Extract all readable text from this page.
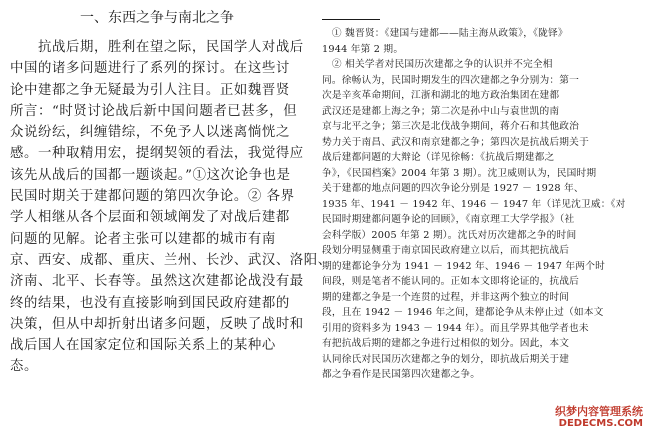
一、东西之争与南北之争
　　抗战后期，胜利在望之际，民国学人对战后
中国的诸多问题进行了系列的探讨。在这些讨
论中建都之争无疑最为引人注目。正如魏晋贤
所言：“时贤讨论战后新中国问题者已甚多，但
众说纷纭，纠缠错综，不免予人以迷离惝恍之
感。一种取精用宏，提纲契领的看法，我觉得应
该先从战后的国都一题谈起。”①这次论争也是
民国时期关于建都问题的第四次争论。② 各界
学人相继从各个层面和领域阐发了对战后建都
问题的见解。论者主张可以建都的城市有南
京、西安、成都、重庆、兰州、长沙、武汉、洛阳、
济南、北平、长春等。虽然这次建都论战没有最
终的结果，也没有直接影响到国民政府建都的
决策，但从中却折射出诸多问题，反映了战时和
战后国人在国家定位和国际关系上的某种心
态。
　① 魏晋贤：《建国与建都——陆主海从政策》，《陇铎》
1944 年第 2 期。
　② 相关学者对民国历次建都之争的认识并不完全相
同。徐畅认为，民国时期发生的四次建都之争分别为：第一
次是辛亥革命期间，江浙和湖北的地方政治集团在建都
武汉还是建都上海之争；第二次是孙中山与袁世凯的南
京与北平之争；第三次是北伐战争期间，蒋介石和其他政治
势力关于南昌、武汉和南京建都之争；第四次是抗战后期关于
战后建都问题的大辩论（详见徐畅：《抗战后期建都之
争》，《民国档案》2004 年第 3 期）。沈卫威则认为，民国时期
关于建都的地点问题的四次争论分别是 1927 － 1928 年、
1935 年、1941 － 1942 年、1946 － 1947 年（详见沈卫威：《对
民国时期建都问题争论的回顾》，《南京理工大学学报》（社
会科学版）2005 年第 2 期）。沈氏对历次建都之争的时间
段划分明显侧重于南京国民政府建立以后，而其把抗战后
期的建都论争分为 1941 － 1942 年、1946 － 1947 年两个时
间段，则是笔者不能认同的。正如本文即将论证的，抗战后
期的建都之争是一个连贯的过程，并非这两个独立的时间
段，且在 1942 － 1946 年之间，建都论争从未停止过（如本文
引用的资料多为 1943 － 1944 年）。而且学界其他学者也未
有把抗战后期的建都之争进行过相似的划分。因此，本文
认同徐氏对民国历次建都之争的划分，即抗战后期关于建
都之争看作是民国第四次建都之争。
织梦内容管理系统
DEDECMS.COM
